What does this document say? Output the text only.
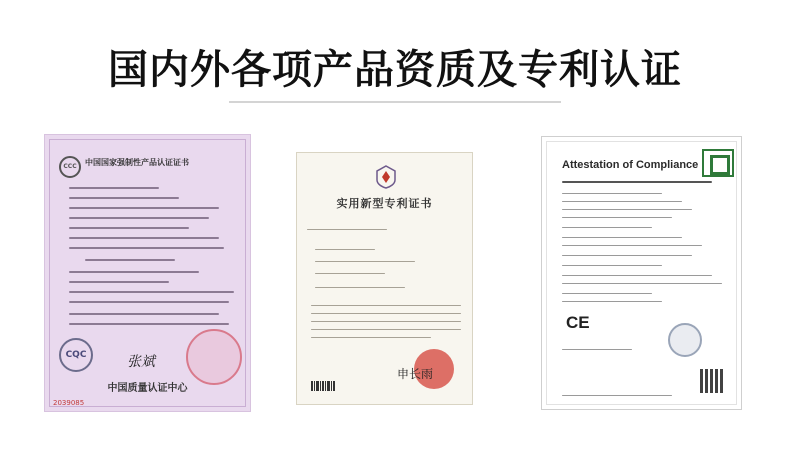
国内外各项产品资质及专利认证
CCC	中国国家强制性产品认证证书
CQC	张斌
中国质量认证中心
2039085
实用新型专利证书
申长雨
Attestation of Compliance
CE
